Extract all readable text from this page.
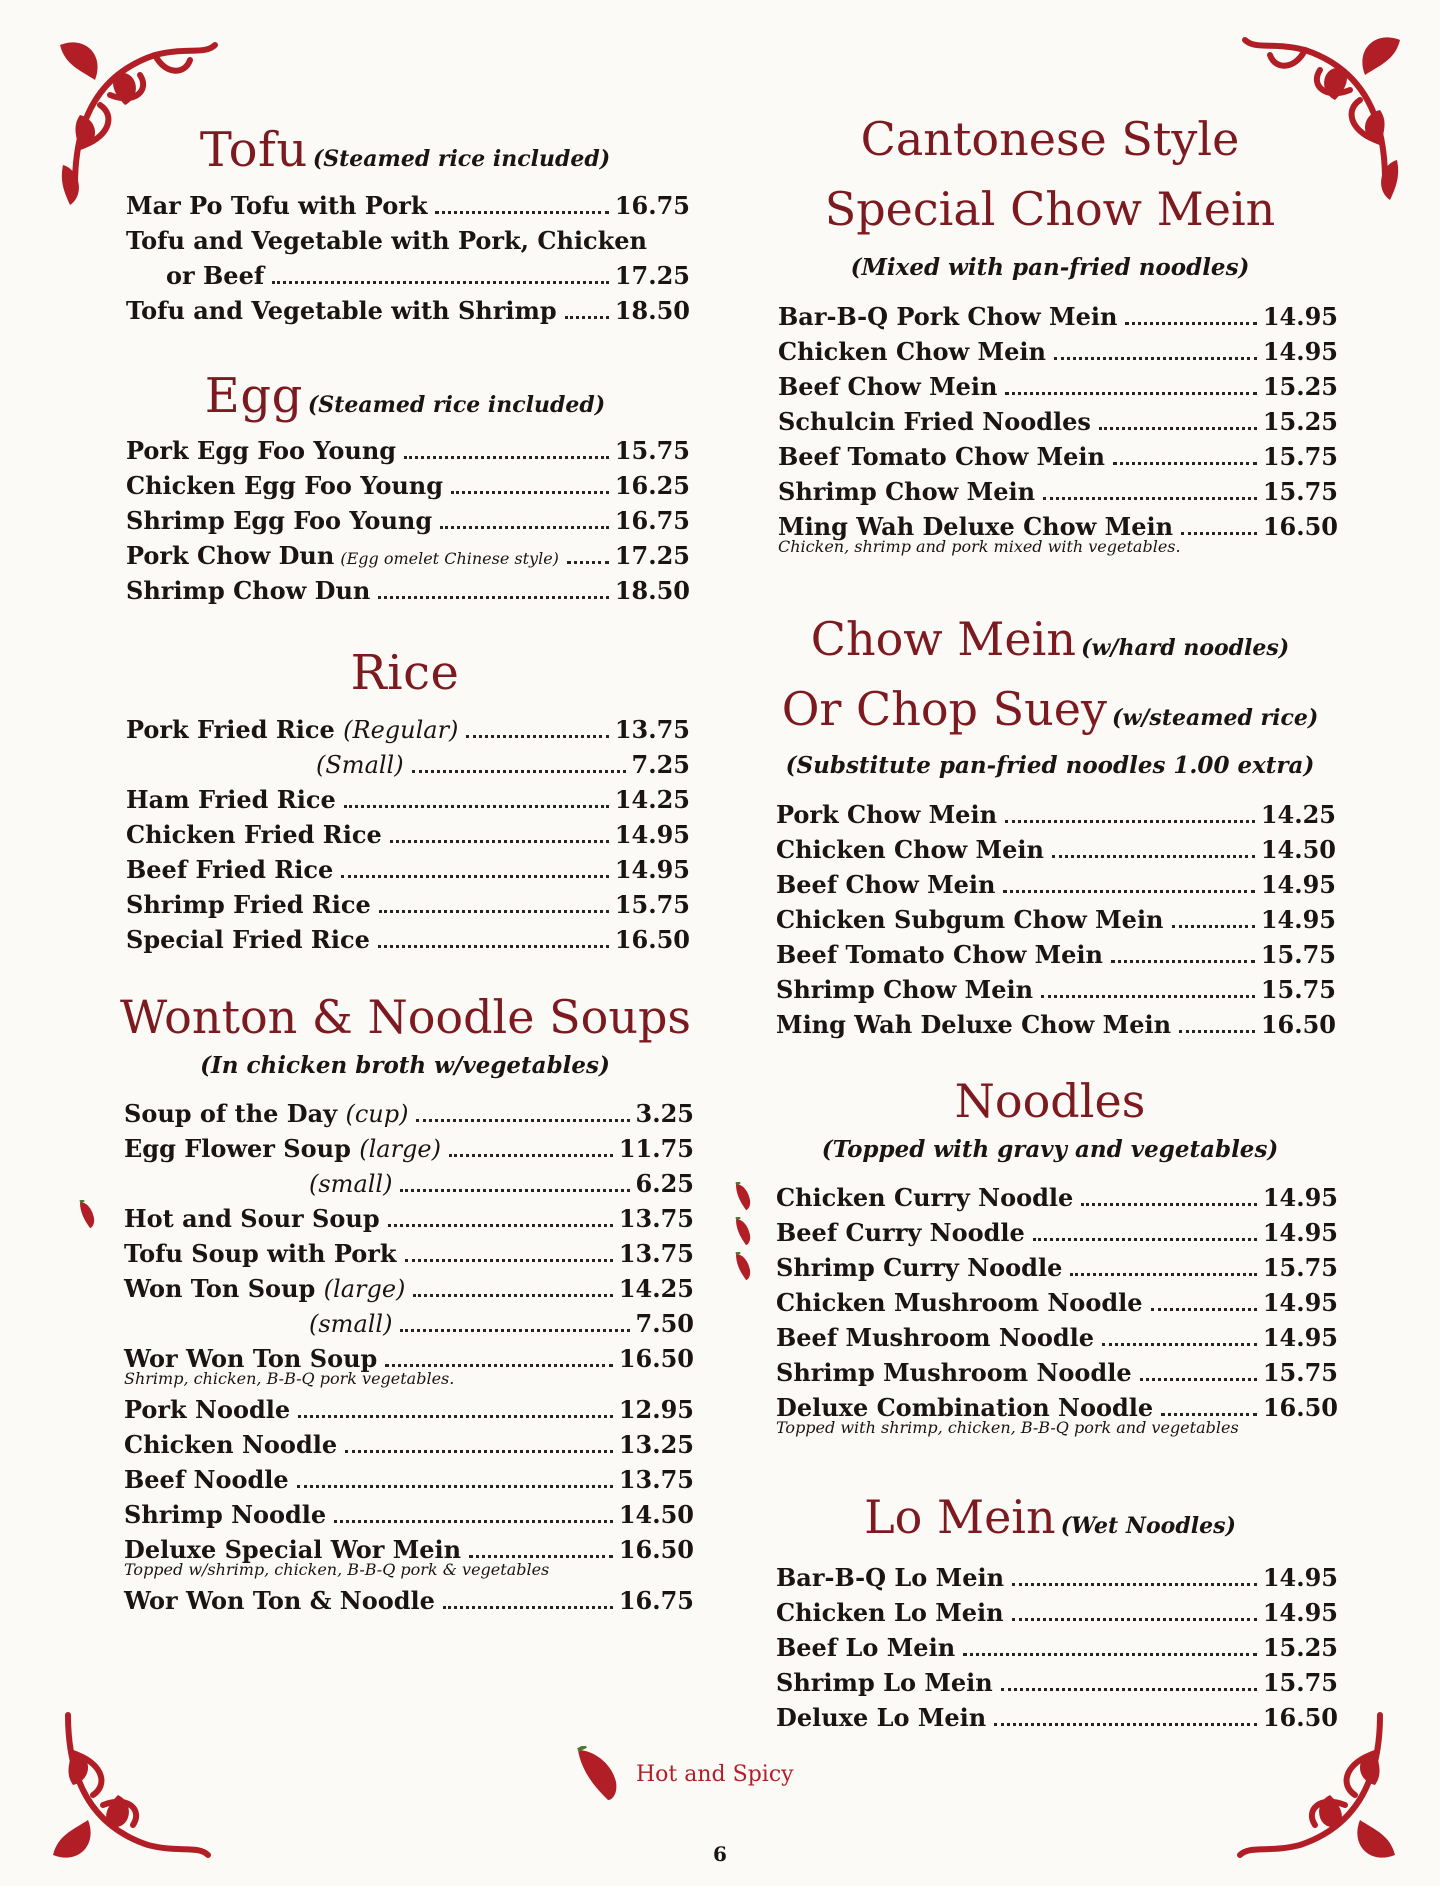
Tofu (Steamed rice included)
Mar Po Tofu with Pork	16.75
Tofu and Vegetable with Pork, Chicken
or Beef	17.25
Tofu and Vegetable with Shrimp 18.50
Egg (Steamed rice included)
Pork Egg Foo Young	15.75
Chicken Egg Foo Young	16.25
Shrimp Egg Foo Young	16.75
Pork Chow Dun (Egg omelet Chinese style) 17.25
Shrimp Chow Dun	18.50
Rice
Pork Fried Rice
(Regular)	13.75
(Small)	7.25
Ham Fried Rice	14.25
Chicken Fried Rice	14.95
Beef Fried Rice	14.95
Shrimp Fried Rice	15.75
Special Fried Rice	16.50
Wonton & Noodle Soups
(In chicken broth w/vegetables)
Soup of the Day
(cup)	3.25
Egg Flower Soup
(large)	11.75
(small)	6.25
Hot and Sour Soup	13.75
Tofu Soup with Pork	13.75
Won Ton Soup
(large)	14.25
(small)	7.50
Wor Won Ton Soup	16.50
Shrimp, chicken, B-B-Q pork vegetables.
Pork Noodle	12.95
Chicken Noodle	13.25
Beef Noodle	13.75
Shrimp Noodle	14.50
Deluxe Special Wor Mein	16.50
Topped w/shrimp, chicken, B-B-Q pork & vegetables
Wor Won Ton & Noodle	16.75
Cantonese Style
Special Chow Mein
(Mixed with pan-fried noodles)
Bar-B-Q Pork Chow Mein	14.95
Chicken Chow Mein	14.95
Beef Chow Mein	15.25
Schulcin Fried Noodles	15.25
Beef Tomato Chow Mein	15.75
Shrimp Chow Mein	15.75
Ming Wah Deluxe Chow Mein	16.50
Chicken, shrimp and pork mixed with vegetables.
Chow Mein (w/hard noodles)
Or Chop Suey (w/steamed rice)
(Substitute pan-fried noodles 1.00 extra)
Pork Chow Mein	14.25
Chicken Chow Mein	14.50
Beef Chow Mein	14.95
Chicken Subgum Chow Mein	14.95
Beef Tomato Chow Mein	15.75
Shrimp Chow Mein	15.75
Ming Wah Deluxe Chow Mein	16.50
Noodles
(Topped with gravy and vegetables)
Chicken Curry Noodle	14.95
Beef Curry Noodle	14.95
Shrimp Curry Noodle	15.75
Chicken Mushroom Noodle	14.95
Beef Mushroom Noodle	14.95
Shrimp Mushroom Noodle	15.75
Deluxe Combination Noodle	16.50
Topped with shrimp, chicken, B-B-Q pork and vegetables
Lo Mein (Wet Noodles)
Bar-B-Q Lo Mein	14.95
Chicken Lo Mein	14.95
Beef Lo Mein	15.25
Shrimp Lo Mein	15.75
Deluxe Lo Mein	16.50
Hot and Spicy
6
